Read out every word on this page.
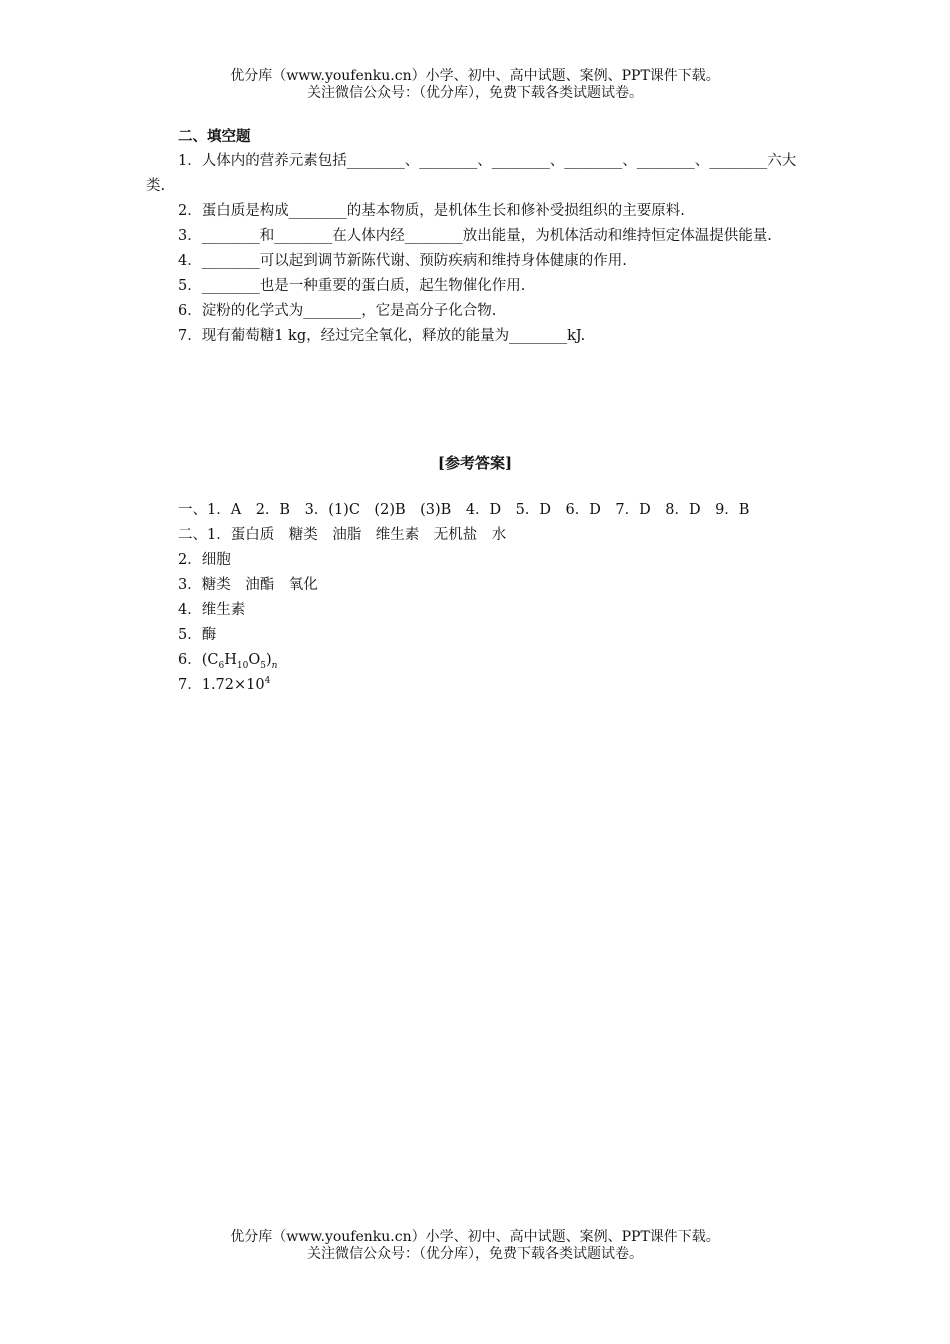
优分库（www.youfenku.cn）小学、初中、高中试题、案例、PPT课件下载。
关注微信公众号：（优分库），免费下载各类试题试卷。
二、填空题
1．人体内的营养元素包括________、________、________、________、________、________六大类.
2．蛋白质是构成________的基本物质，是机体生长和修补受损组织的主要原料.
3．________和________在人体内经________放出能量，为机体活动和维持恒定体温提供能量.
4．________可以起到调节新陈代谢、预防疾病和维持身体健康的作用.
5．________也是一种重要的蛋白质，起生物催化作用.
6．淀粉的化学式为________，它是高分子化合物.
7．现有葡萄糖1 kg，经过完全氧化，释放的能量为________kJ.
[参考答案]
一、1．A　2．B　3．(1)C　(2)B　(3)B　4．D　5．D　6．D　7．D　8．D　9．B
二、1．蛋白质　糖类　油脂　维生素　无机盐　水
2．细胞
3．糖类　油酯　氧化
4．维生素
5．酶
6．$(C_6H_{10}O_5)_n$
7．$1.72\times 10^4$
优分库（www.youfenku.cn）小学、初中、高中试题、案例、PPT课件下载。
关注微信公众号：（优分库），免费下载各类试题试卷。
